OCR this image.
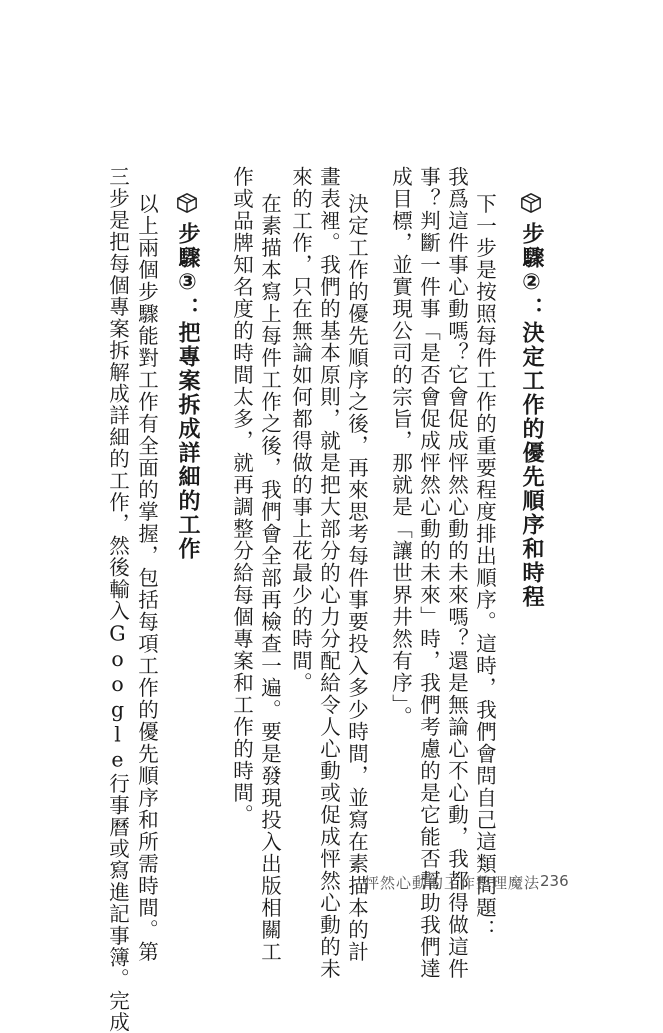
步驟②：決定工作的優先順序和時程

下一步是按照每件工作的重要程度排出順序。這時，我們會問自己這類問題：

我爲這件事心動嗎？它會促成怦然心動的未來嗎？還是無論心不心動，我都得做這件

事？判斷一件事「是否會促成怦然心動的未來」時，我們考慮的是它能否幫助我們達

成目標，並實現公司的宗旨，那就是「讓世界井然有序」。

決定工作的優先順序之後，再來思考每件事要投入多少時間，並寫在素描本的計

畫表裡。我們的基本原則，就是把大部分的心力分配給令人心動或促成怦然心動的未

來的工作，只在無論如何都得做的事上花最少的時間。

在素描本寫上每件工作之後，我們會全部再檢查一遍。要是發現投入出版相關工

作或品牌知名度的時間太多，就再調整分給每個專案和工作的時間。

步驟③：把專案拆成詳細的工作

以上兩個步驟能對工作有全面的掌握，包括每項工作的優先順序和所需時間。第

三步是把每個專案拆解成詳細的工作，然後輸入Google行事曆或寫進記事簿。完成	怦然心動的工作整理魔法 236
